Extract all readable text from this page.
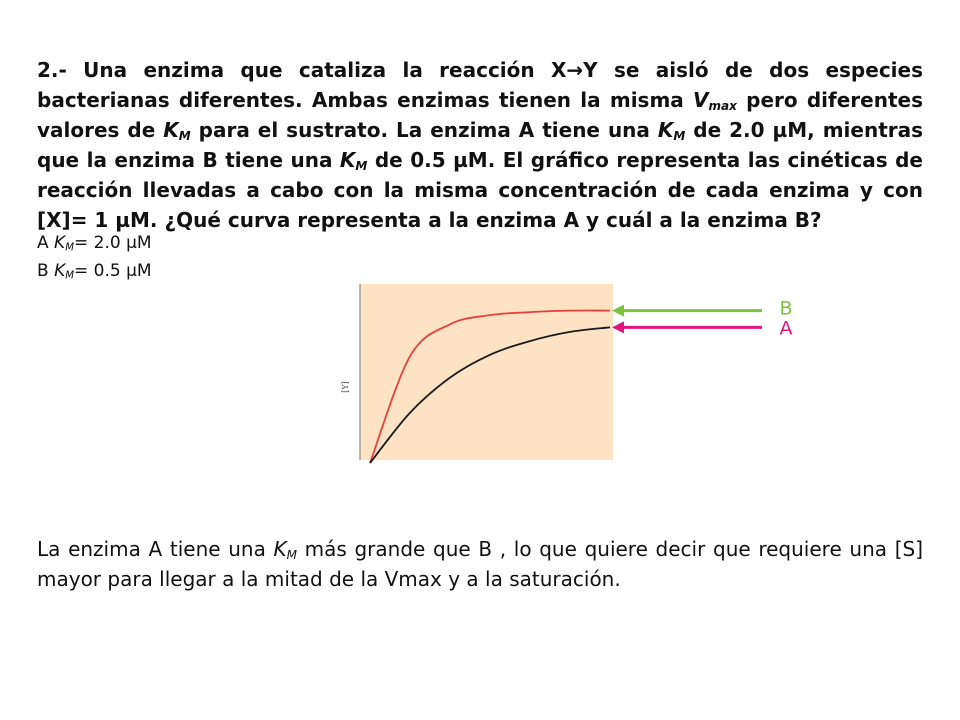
2.- Una enzima que cataliza la reacción X→Y se aisló de dos especies bacterianas diferentes. Ambas enzimas tienen la misma $V_{max}$ pero diferentes valores de $K_M$ para el sustrato. La enzima A tiene una $K_M$ de 2.0 µM, mientras que la enzima B tiene una $K_M$ de 0.5 µM. El gráfico representa las cinéticas de reacción llevadas a cabo con la misma concentración de cada enzima y con [X]= 1 µM. ¿Qué curva representa a la enzima A y cuál a la enzima B?
A $K_M= 2.0$ µM
B $K_M= 0.5$ µM
[Y]
B
A
La enzima A tiene una $K_M$ más grande que B , lo que quiere decir que requiere una [S] mayor para llegar a la mitad de la Vmax y a la saturación.
